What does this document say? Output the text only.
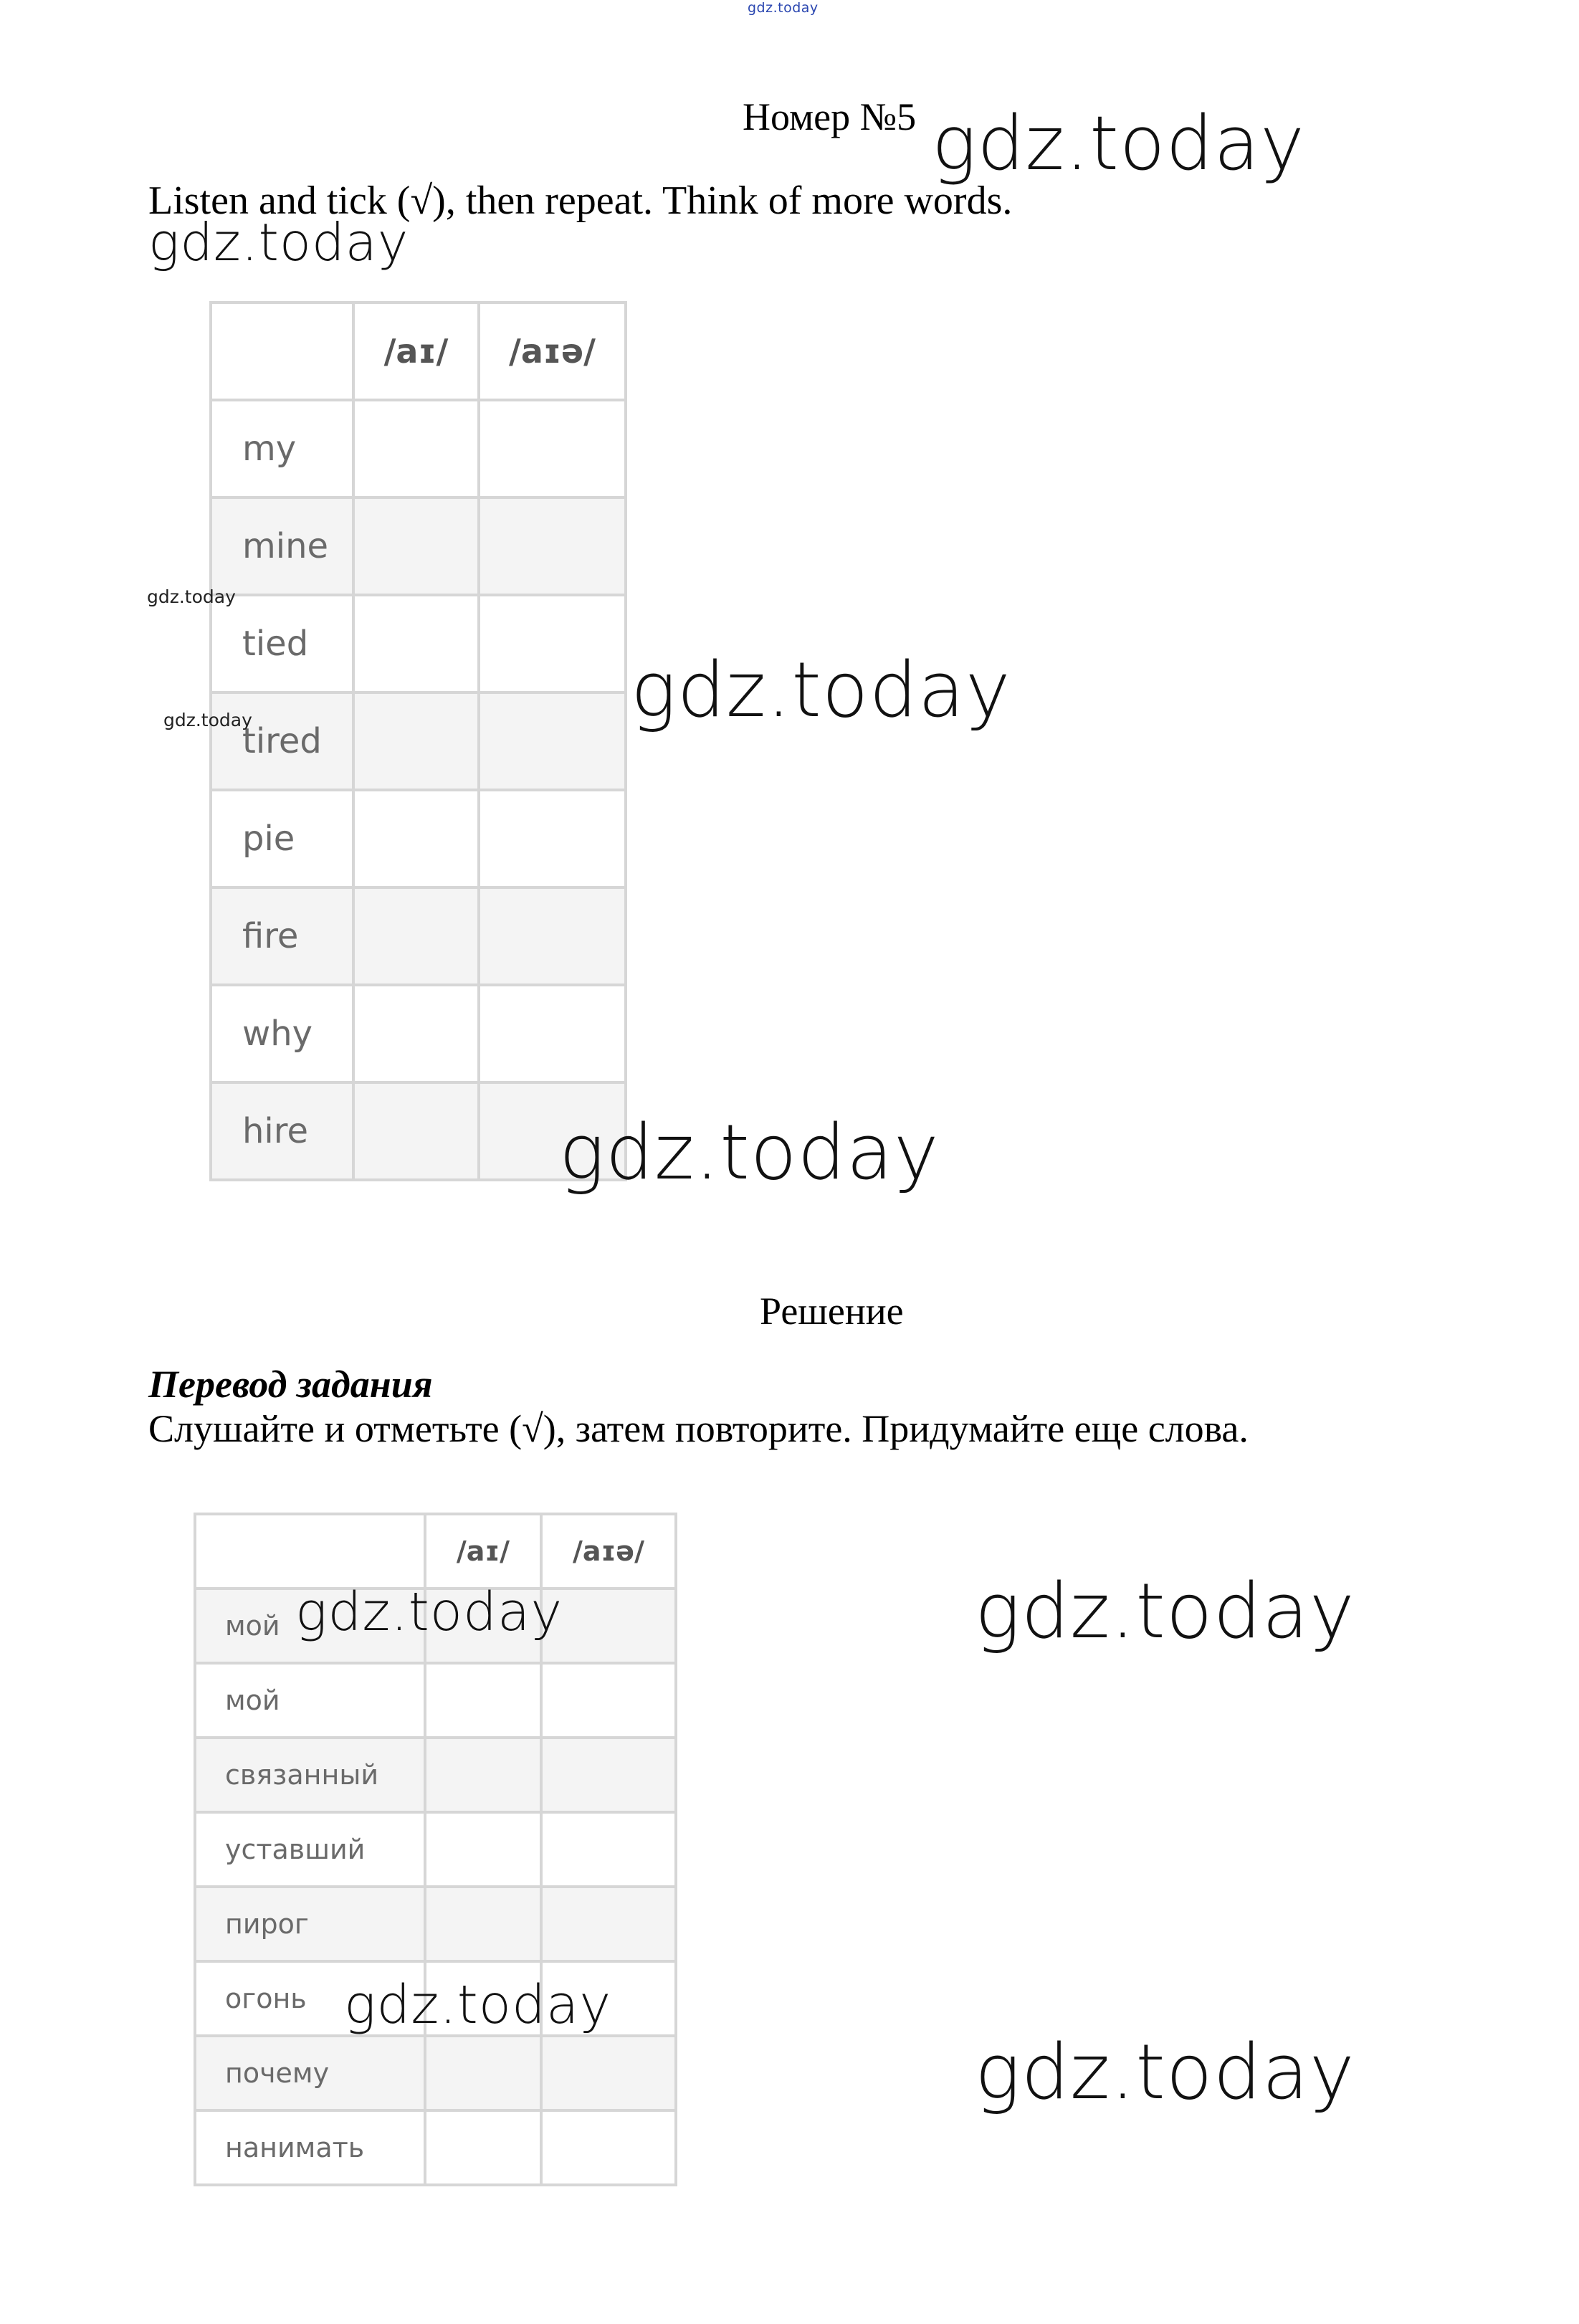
gdz.today
Номер №5 gdz.today
Listen and tick (√), then repeat. Think of more words.
gdz.today
	/aɪ/	/aɪə/
my		
mine		
tied		
tired		
pie		
fire		
why		
hire		
gdz.today
gdz.today	gdz.today
gdz.today
Решение
Перевод задания
Слушайте и отметьте (√), затем повторите. Придумайте еще слова.
	/aɪ/	/aɪə/
мой		
мой		
связанный		
уставший		
пирог		
огонь		
почему		
нанимать		
gdz.today	gdz.today
gdz.today
gdz.today
